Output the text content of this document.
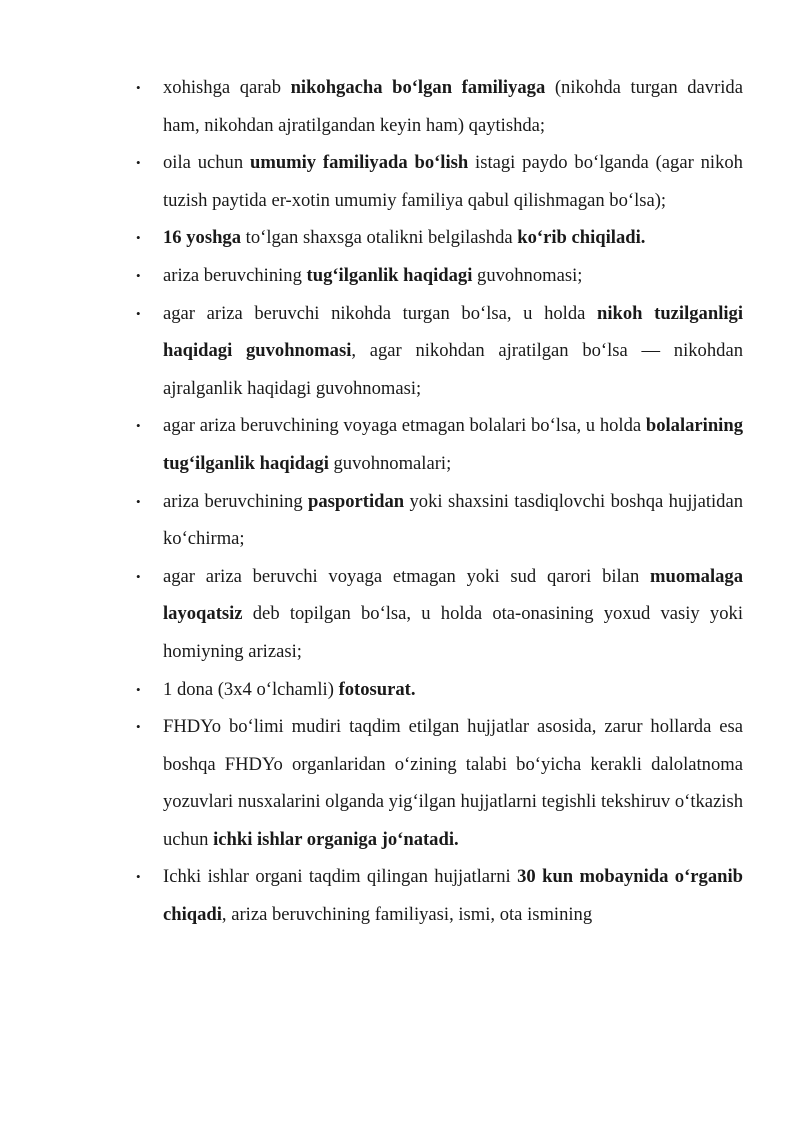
• xohishga qarab nikohgacha bo‘lgan familiyaga (nikohda turgan davrida ham, nikohdan ajratilgandan keyin ham) qaytishda;
• oila uchun umumiy familiyada bo‘lish istagi paydo bo‘lganda (agar nikoh tuzish paytida er-xotin umumiy familiya qabul qilishmagan bo‘lsa);
• 16 yoshga to‘lgan shaxsga otalikni belgilashda ko‘rib chiqiladi.
• ariza beruvchining tug‘ilganlik haqidagi guvohnomasi;
• agar ariza beruvchi nikohda turgan bo‘lsa, u holda nikoh tuzilganligi haqidagi guvohnomasi, agar nikohdan ajratilgan bo‘lsa — nikohdan ajralganlik haqidagi guvohnomasi;
• agar ariza beruvchining voyaga etmagan bolalari bo‘lsa, u holda bolalarining tug‘ilganlik haqidagi guvohnomalari;
• ariza beruvchining pasportidan yoki shaxsini tasdiqlovchi boshqa hujjatidan ko‘chirma;
• agar ariza beruvchi voyaga etmagan yoki sud qarori bilan muomalaga layoqatsiz deb topilgan bo‘lsa, u holda ota-onasining yoxud vasiy yoki homiyning arizasi;
• 1 dona (3x4 o‘lchamli) fotosurat.
• FHDYo bo‘limi mudiri taqdim etilgan hujjatlar asosida, zarur hollarda esa boshqa FHDYo organlaridan o‘zining talabi bo‘yicha kerakli dalolatnoma yozuvlari nusxalarini olganda yig‘ilgan hujjatlarni tegishli tekshiruv o‘tkazish uchun ichki ishlar organiga jo‘natadi.
• Ichki ishlar organi taqdim qilingan hujjatlarni 30 kun mobaynida o‘rganib chiqadi, ariza beruvchining familiyasi, ismi, ota ismining
